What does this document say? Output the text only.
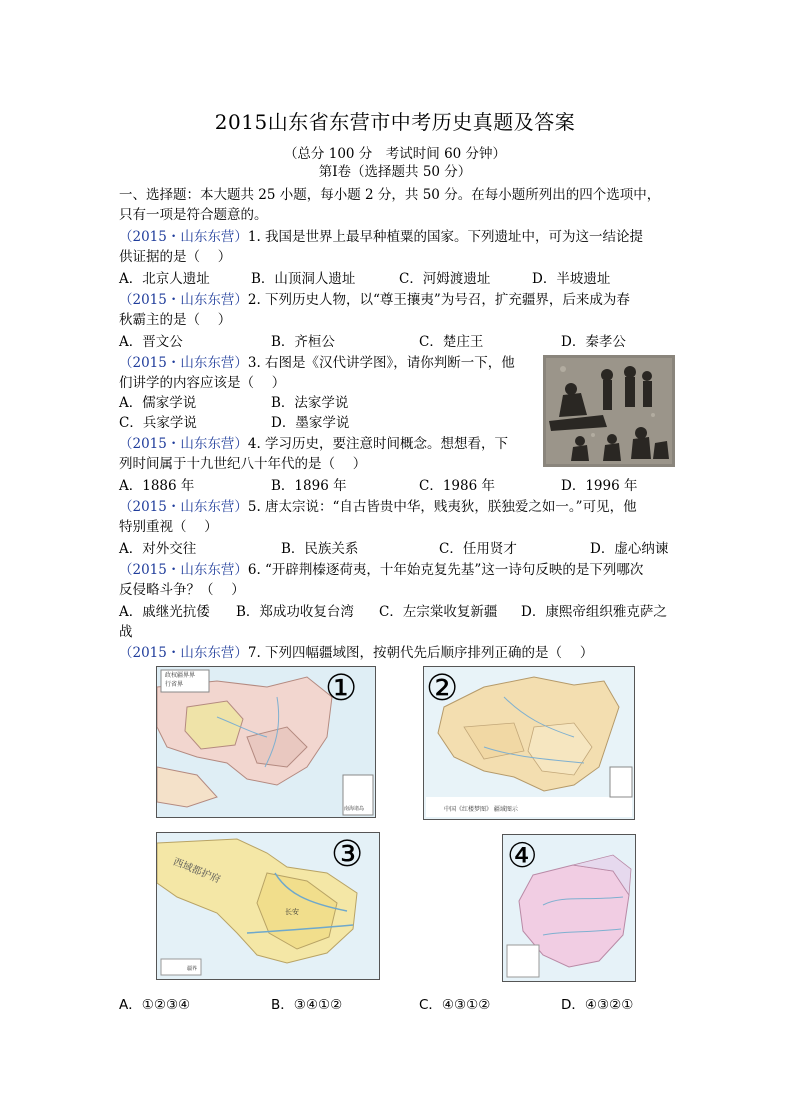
2015山东省东营市中考历史真题及答案
（总分 100 分　考试时间 60 分钟）
第Ⅰ卷（选择题共 50 分）
一、选择题：本大题共 25 小题，每小题 2 分，共 50 分。在每小题所列出的四个选项中，
只有一项是符合题意的。
（2015・山东东营）1. 我国是世界上最早种植粟的国家。下列遗址中，可为这一结论提
供证据的是（　 ）
A．北京人遗址	B．山顶洞人遗址	C．河姆渡遗址	D．半坡遗址
（2015・山东东营）2. 下列历史人物，以“尊王攘夷”为号召，扩充疆界，后来成为春
秋霸主的是（　 ）
A．晋文公	B．齐桓公	C．楚庄王	D．秦孝公
（2015・山东东营）3. 右图是《汉代讲学图》，请你判断一下，他
们讲学的内容应该是（　 ）
A．儒家学说	B．法家学说
C．兵家学说	D．墨家学说
（2015・山东东营）4. 学习历史，要注意时间概念。想想看，下
列时间属于十九世纪八十年代的是（　 ）
A．1886 年	B．1896 年	C．1986 年	D．1996 年
（2015・山东东营）5. 唐太宗说：“自古皆贵中华，贱夷狄，朕独爱之如一。”可见，他
特别重视（　 ）
A．对外交往	B．民族关系	C．任用贤才	D．虚心纳谏
（2015・山东东营）6. “开辟荆榛逐荷夷，十年始克复先基”这一诗句反映的是下列哪次
反侵略斗争？（　 ）
A．戚继光抗倭 B．郑成功收复台湾 C．左宗棠收复新疆 D．康熙帝组织雅克萨之
战
（2015・山东东营）7. 下列四幅疆域图，按朝代先后顺序排列正确的是（　 ）
政权疆界界
行省界
南海诸岛
①
中国《红楼梦图》 疆域图示
②
西域都护府
长安
疆界
③	④
A．①②③④	B．③④①②	C．④③①②	D．④③②①
